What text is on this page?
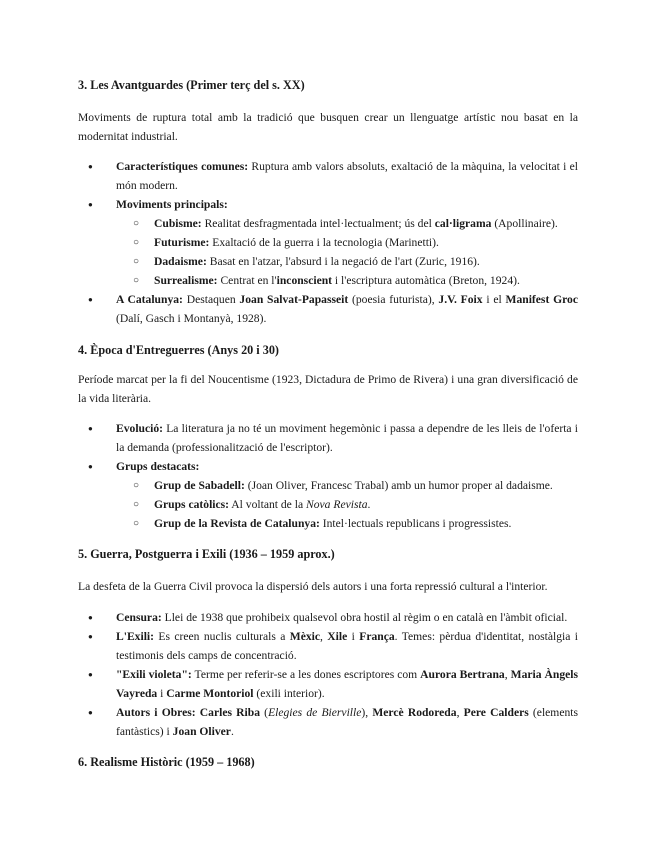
3. Les Avantguardes (Primer terç del s. XX)

Moviments de ruptura total amb la tradició que busquen crear un llenguatge artístic nou basat en la modernitat industrial.

● Característiques comunes: Ruptura amb valors absoluts, exaltació de la màquina, la velocitat i el món modern.
● Moviments principals:
○ Cubisme: Realitat desfragmentada intel·lectualment; ús del cal·ligrama (Apollinaire).
○ Futurisme: Exaltació de la guerra i la tecnologia (Marinetti).
○ Dadaisme: Basat en l'atzar, l'absurd i la negació de l'art (Zuric, 1916).
○ Surrealisme: Centrat en l'inconscient i l'escriptura automàtica (Breton, 1924).
● A Catalunya: Destaquen Joan Salvat-Papasseit (poesia futurista), J.V. Foix i el Manifest Groc (Dalí, Gasch i Montanyà, 1928).
4. Època d'Entreguerres (Anys 20 i 30)

Període marcat per la fi del Noucentisme (1923, Dictadura de Primo de Rivera) i una gran diversificació de la vida literària.

● Evolució: La literatura ja no té un moviment hegemònic i passa a dependre de les lleis de l'oferta i la demanda (professionalització de l'escriptor).
● Grups destacats:
○ Grup de Sabadell: (Joan Oliver, Francesc Trabal) amb un humor proper al dadaisme.
○ Grups catòlics: Al voltant de la Nova Revista.
○ Grup de la Revista de Catalunya: Intel·lectuals republicans i progressistes.
5. Guerra, Postguerra i Exili (1936 – 1959 aprox.)

La desfeta de la Guerra Civil provoca la dispersió dels autors i una forta repressió cultural a l'interior.

● Censura: Llei de 1938 que prohibeix qualsevol obra hostil al règim o en català en l'àmbit oficial.
● L'Exili: Es creen nuclis culturals a Mèxic, Xile i França. Temes: pèrdua d'identitat, nostàlgia i testimonis dels camps de concentració.
● "Exili violeta": Terme per referir-se a les dones escriptores com Aurora Bertrana, Maria Àngels Vayreda i Carme Montoriol (exili interior).
● Autors i Obres: Carles Riba (Elegies de Bierville), Mercè Rodoreda, Pere Calders (elements fantàstics) i Joan Oliver.
6. Realisme Històric (1959 – 1968)
